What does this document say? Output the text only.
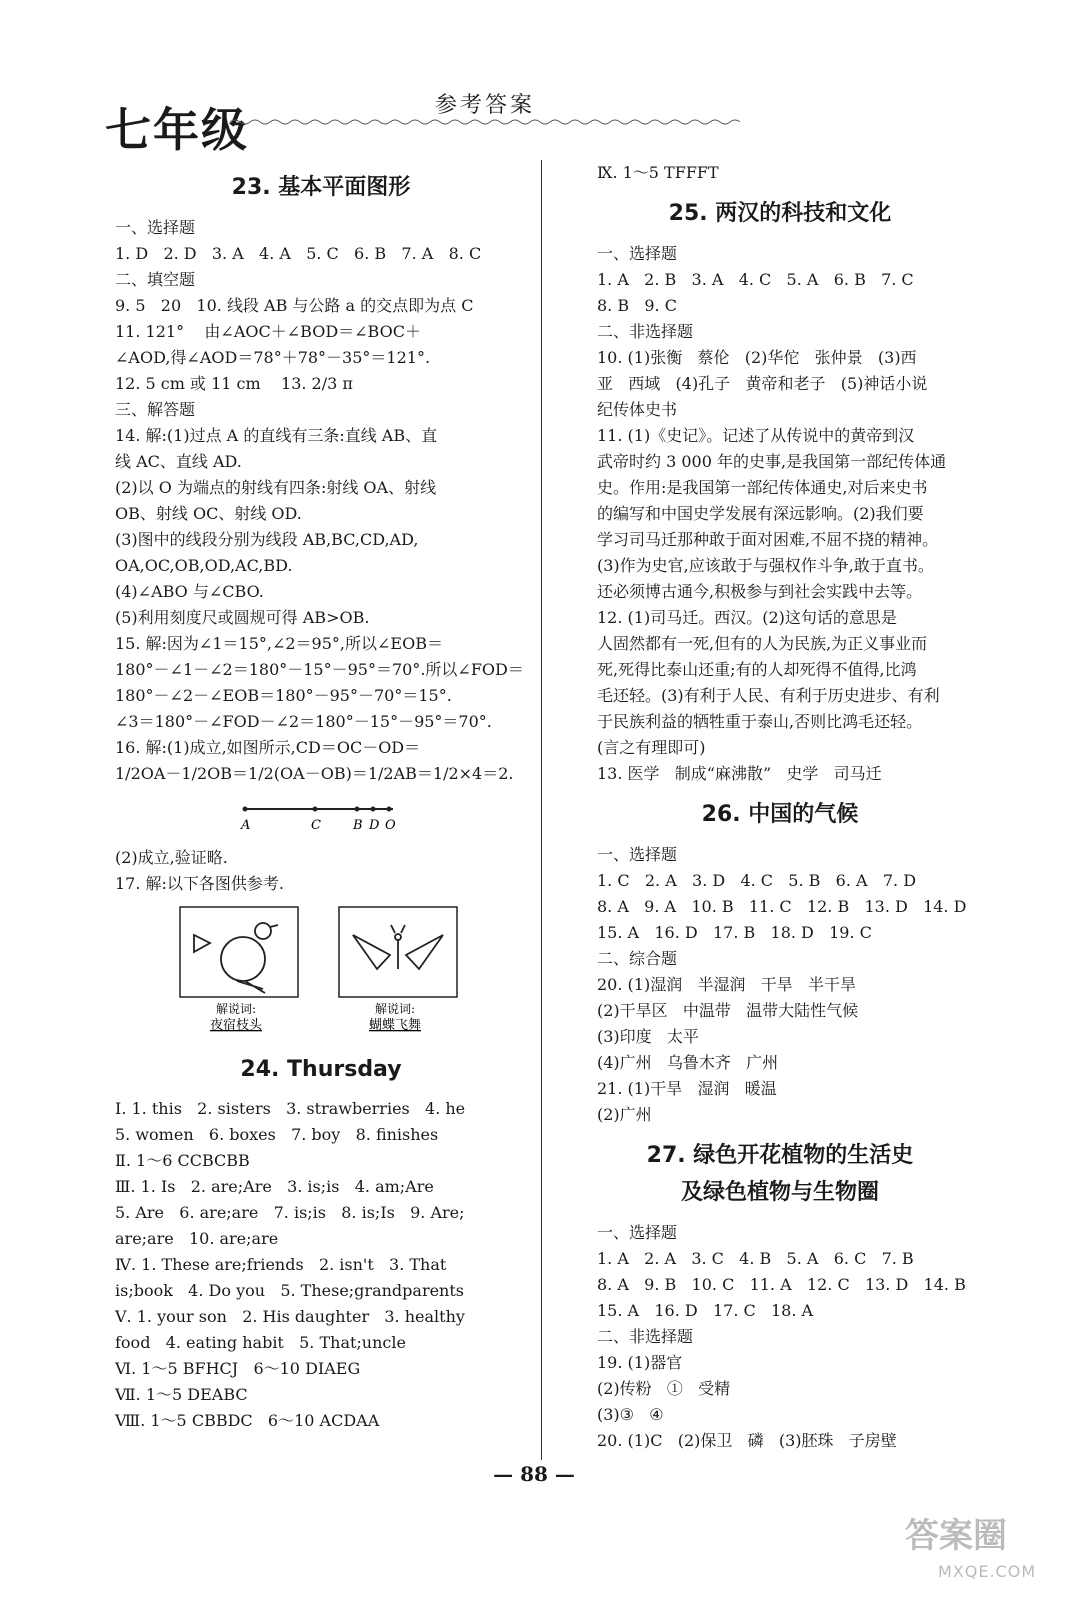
七年级	参考答案
23. 基本平面图形
一、选择题
1. D   2. D   3. A   4. A   5. C   6. B   7. A   8. C
二、填空题
9. 5   20   10. 线段 AB 与公路 a 的交点即为点 C
11. 121°    由∠AOC＋∠BOD＝∠BOC＋
∠AOD,得∠AOD＝78°＋78°－35°＝121°.
12. 5 cm 或 11 cm    13. 2/3 π
三、解答题
14. 解:(1)过点 A 的直线有三条:直线 AB、直
线 AC、直线 AD.
(2)以 O 为端点的射线有四条:射线 OA、射线
OB、射线 OC、射线 OD.
(3)图中的线段分别为线段 AB,BC,CD,AD,
OA,OC,OB,OD,AC,BD.
(4)∠ABO 与∠CBO.
(5)利用刻度尺或圆规可得 AB>OB.
15. 解:因为∠1＝15°,∠2＝95°,所以∠EOB＝
180°－∠1－∠2＝180°－15°－95°＝70°.所以∠FOD＝
180°－∠2－∠EOB＝180°－95°－70°＝15°.
∠3＝180°－∠FOD－∠2＝180°－15°－95°＝70°.
16. 解:(1)成立,如图所示,CD＝OC－OD＝
1/2OA－1/2OB＝1/2(OA－OB)＝1/2AB＝1/2×4＝2.
A	C B D O
(2)成立,验证略.
17. 解:以下各图供参考.
解说词:
夜宿枝头
解说词:
蝴蝶飞舞
24. Thursday
Ⅰ. 1. this   2. sisters   3. strawberries   4. he
5. women   6. boxes   7. boy   8. finishes
Ⅱ. 1～6 CCBCBB
Ⅲ. 1. Is   2. are;Are   3. is;is   4. am;Are
5. Are   6. are;are   7. is;is   8. is;Is   9. Are;
are;are   10. are;are
Ⅳ. 1. These are;friends   2. isn't   3. That
is;book   4. Do you   5. These;grandparents
Ⅴ. 1. your son   2. His daughter   3. healthy
food   4. eating habit   5. That;uncle
Ⅵ. 1～5 BFHCJ   6～10 DIAEG
Ⅶ. 1～5 DEABC
Ⅷ. 1～5 CBBDC   6～10 ACDAA
Ⅸ. 1～5 TFFFT
25. 两汉的科技和文化
一、选择题
1. A   2. B   3. A   4. C   5. A   6. B   7. C
8. B   9. C
二、非选择题
10. (1)张衡   蔡伦   (2)华佗   张仲景   (3)西
亚   西域   (4)孔子   黄帝和老子   (5)神话小说
纪传体史书
11. (1)《史记》。记述了从传说中的黄帝到汉
武帝时约 3 000 年的史事,是我国第一部纪传体通
史。作用:是我国第一部纪传体通史,对后来史书
的编写和中国史学发展有深远影响。(2)我们要
学习司马迁那种敢于面对困难,不屈不挠的精神。
(3)作为史官,应该敢于与强权作斗争,敢于直书。
还必须博古通今,积极参与到社会实践中去等。
12. (1)司马迁。西汉。(2)这句话的意思是
人固然都有一死,但有的人为民族,为正义事业而
死,死得比泰山还重;有的人却死得不值得,比鸿
毛还轻。(3)有利于人民、有利于历史进步、有利
于民族利益的牺牲重于泰山,否则比鸿毛还轻。
(言之有理即可)
13. 医学   制成“麻沸散”   史学   司马迁
26. 中国的气候
一、选择题
1. C   2. A   3. D   4. C   5. B   6. A   7. D
8. A   9. A   10. B   11. C   12. B   13. D   14. D
15. A   16. D   17. B   18. D   19. C
二、综合题
20. (1)湿润   半湿润   干旱   半干旱
(2)干旱区   中温带   温带大陆性气候
(3)印度   太平
(4)广州   乌鲁木齐   广州
21. (1)干旱   湿润   暖温
(2)广州
27. 绿色开花植物的生活史
及绿色植物与生物圈
一、选择题
1. A   2. A   3. C   4. B   5. A   6. C   7. B
8. A   9. B   10. C   11. A   12. C   13. D   14. B
15. A   16. D   17. C   18. A
二、非选择题
19. (1)器官
(2)传粉   ①   受精
(3)③   ④
20. (1)C   (2)保卫   磷   (3)胚珠   子房壁
— 88 —
答案圈
MXQE.COM
